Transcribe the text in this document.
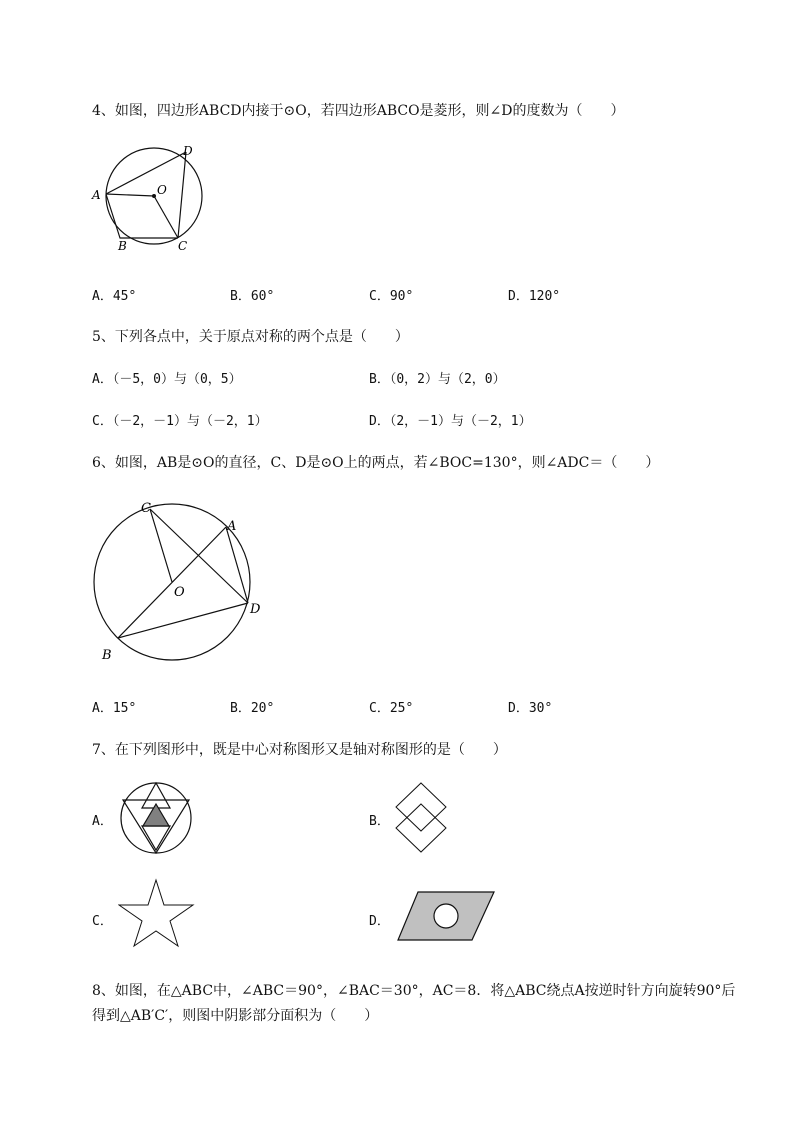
4、如图，四边形ABCD内接于⊙O，若四边形ABCO是菱形，则∠D的度数为（　　）
A
B	C
D
O
A．45°	B．60°	C．90°	D．120°
5、下列各点中，关于原点对称的两个点是（　　）
A．（－5，0）与（0，5）	B．（0，2）与（2，0）
C．（－2，－1）与（－2，1）	D．（2，－1）与（－2，1）
6、如图，AB是⊙O的直径，C、D是⊙O上的两点，若∠BOC=130°，则∠ADC＝（　　）
C
A
O
D
B
A．15°	B．20°	C．25°	D．30°
7、在下列图形中，既是中心对称图形又是轴对称图形的是（　　）
A．	B．
C．	D．
8、如图，在△ABC中，∠ABC＝90°，∠BAC＝30°，AC＝8．将△ABC绕点A按逆时针方向旋转90°后
得到△AB′C′，则图中阴影部分面积为（　　）
